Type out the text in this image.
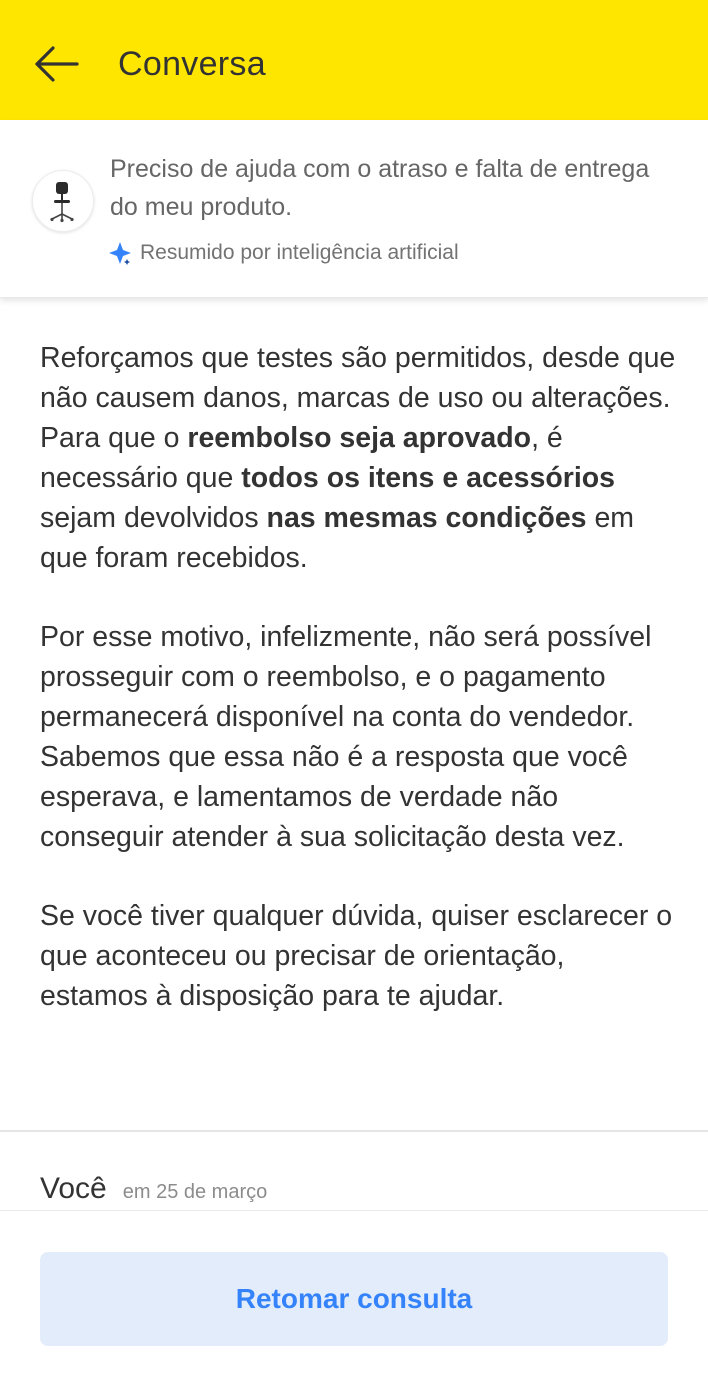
Conversa
Preciso de ajuda com o atraso e falta de entrega do meu produto.
Resumido por inteligência artificial

Reforçamos que testes são permitidos, desde que não causem danos, marcas de uso ou alterações. Para que o reembolso seja aprovado, é necessário que todos os itens e acessórios sejam devolvidos nas mesmas condições em que foram recebidos.

Por esse motivo, infelizmente, não será possível prosseguir com o reembolso, e o pagamento permanecerá disponível na conta do vendedor. Sabemos que essa não é a resposta que você esperava, e lamentamos de verdade não conseguir atender à sua solicitação desta vez.

Se você tiver qualquer dúvida, quiser esclarecer o que aconteceu ou precisar de orientação, estamos à disposição para te ajudar.

Você em 25 de março
Retomar consulta
